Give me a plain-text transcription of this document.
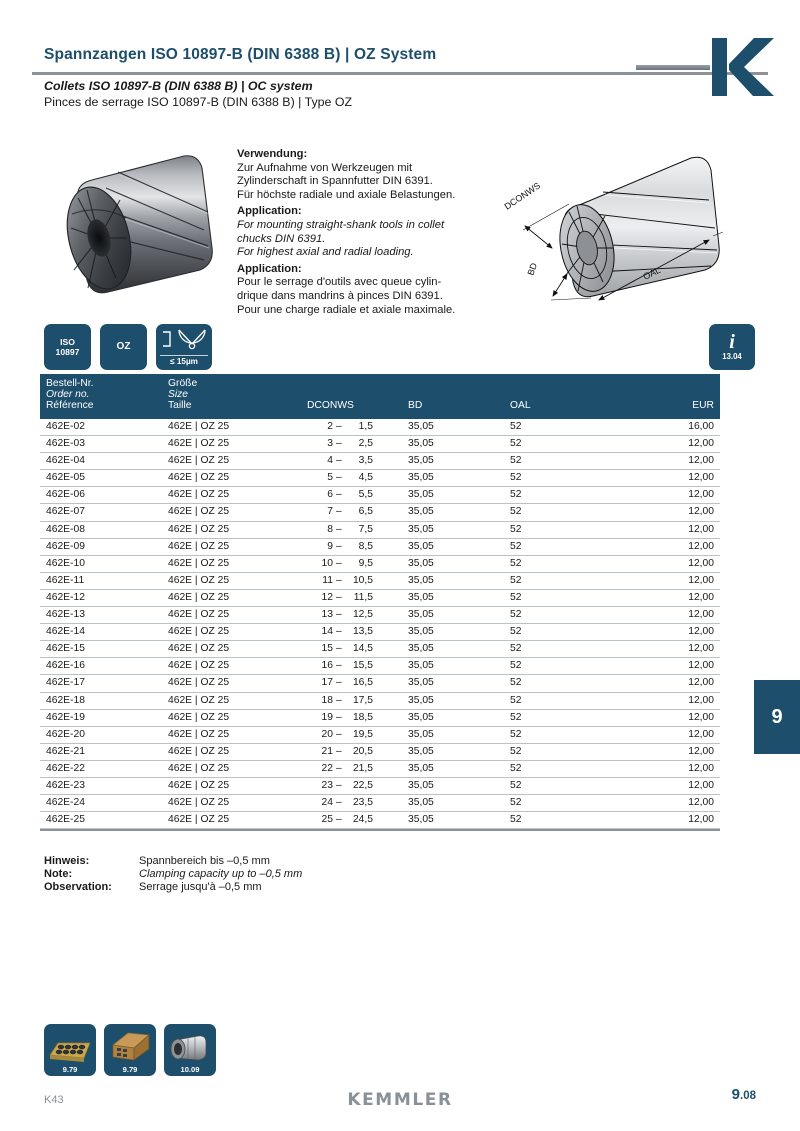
Spannzangen ISO 10897-B (DIN 6388 B) | OZ System
Collets ISO 10897-B (DIN 6388 B) | OC system
Pinces de serrage ISO 10897-B (DIN 6388 B) | Type OZ
Verwendung:
Zur Aufnahme von Werkzeugen mit
Zylinderschaft in Spannfutter DIN 6391.
Für höchste radiale und axiale Belastungen.
Application:
For mounting straight-shank tools in collet
chucks DIN 6391.
For highest axial and radial loading.
Application:
Pour le serrage d'outils avec queue cylin-
drique dans mandrins à pinces DIN 6391.
Pour une charge radiale et axiale maximale.
DCONWS
BD	OAL
ISO
10897	OZ
≤ 15µm
i
13.04
Bestell-Nr.
Order no.
Référence
Größe
Size
Taille	DCONWS	BD	OAL	EUR
462E-02	462E | OZ 25	2 –	1,5	35,05	52	16,00
462E-03	462E | OZ 25	3 –	2,5	35,05	52	12,00
462E-04	462E | OZ 25	4 –	3,5	35,05	52	12,00
462E-05	462E | OZ 25	5 –	4,5	35,05	52	12,00
462E-06	462E | OZ 25	6 –	5,5	35,05	52	12,00
462E-07	462E | OZ 25	7 –	6,5	35,05	52	12,00
462E-08	462E | OZ 25	8 –	7,5	35,05	52	12,00
462E-09	462E | OZ 25	9 –	8,5	35,05	52	12,00
462E-10	462E | OZ 25	10 –	9,5	35,05	52	12,00
462E-11	462E | OZ 25	11 –	10,5	35,05	52	12,00
462E-12	462E | OZ 25	12 –	11,5	35,05	52	12,00
462E-13	462E | OZ 25	13 –	12,5	35,05	52	12,00
462E-14	462E | OZ 25	14 –	13,5	35,05	52	12,00
462E-15	462E | OZ 25	15 –	14,5	35,05	52	12,00
462E-16	462E | OZ 25	16 –	15,5	35,05	52	12,00
462E-17	462E | OZ 25	17 –	16,5	35,05	52	12,00
462E-18	462E | OZ 25	18 –	17,5	35,05	52	12,00
462E-19	462E | OZ 25	19 –	18,5	35,05	52	12,00
462E-20	462E | OZ 25	20 –	19,5	35,05	52	12,00
462E-21	462E | OZ 25	21 –	20,5	35,05	52	12,00
462E-22	462E | OZ 25	22 –	21,5	35,05	52	12,00
462E-23	462E | OZ 25	23 –	22,5	35,05	52	12,00
462E-24	462E | OZ 25	24 –	23,5	35,05	52	12,00
462E-25	462E | OZ 25	25 –	24,5	35,05	52	12,00
Hinweis:	Spannbereich bis –0,5 mm
Note:	Clamping capacity up to –0,5 mm
Observation:	Serrage jusqu'à –0,5 mm
9
9.79	9.79	10.09
K43	KEMMLER	9.08
